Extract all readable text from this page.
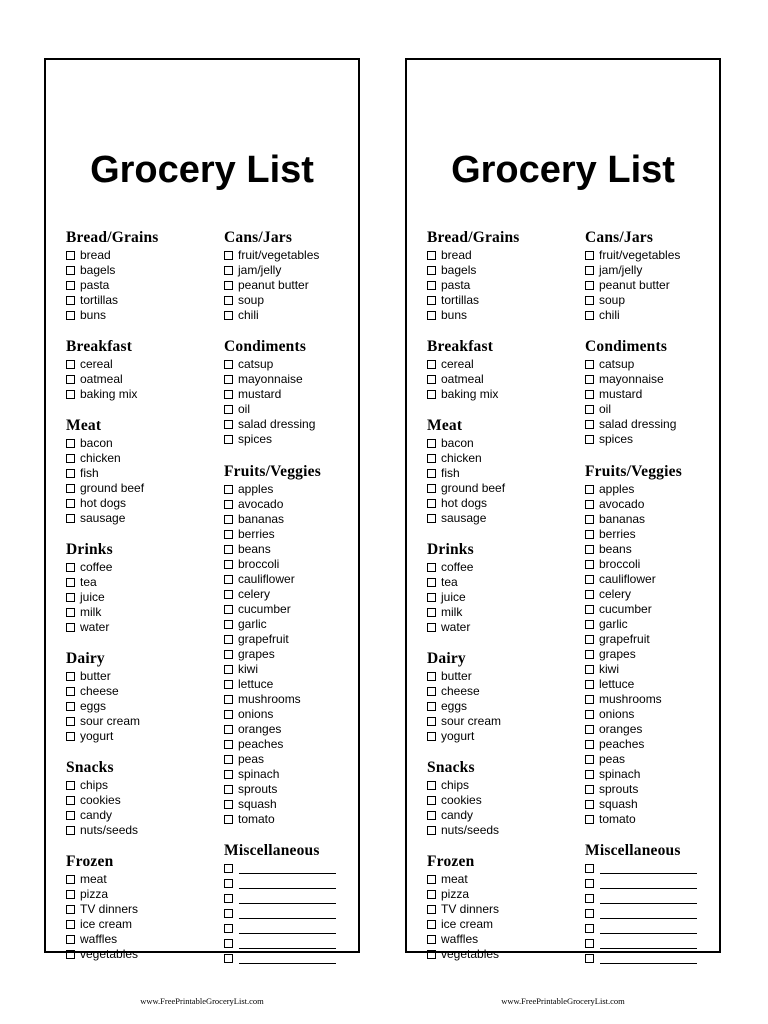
Grocery List
Bread/Grains
bread
bagels
pasta
tortillas
buns
Breakfast
cereal
oatmeal
baking mix
Meat
bacon
chicken
fish
ground beef
hot dogs
sausage
Drinks
coffee
tea
juice
milk
water
Dairy
butter
cheese
eggs
sour cream
yogurt
Snacks
chips
cookies
candy
nuts/seeds
Frozen
meat
pizza
TV dinners
ice cream
waffles
vegetables
Cans/Jars
fruit/vegetables
jam/jelly
peanut butter
soup
chili
Condiments
catsup
mayonnaise
mustard
oil
salad dressing
spices
Fruits/Veggies
apples
avocado
bananas
berries
beans
broccoli
cauliflower
celery
cucumber
garlic
grapefruit
grapes
kiwi
lettuce
mushrooms
onions
oranges
peaches
peas
spinach
sprouts
squash
tomato
Miscellaneous
www.FreePrintableGroceryList.com
Grocery List
Bread/Grains
bread
bagels
pasta
tortillas
buns
Breakfast
cereal
oatmeal
baking mix
Meat
bacon
chicken
fish
ground beef
hot dogs
sausage
Drinks
coffee
tea
juice
milk
water
Dairy
butter
cheese
eggs
sour cream
yogurt
Snacks
chips
cookies
candy
nuts/seeds
Frozen
meat
pizza
TV dinners
ice cream
waffles
vegetables
Cans/Jars
fruit/vegetables
jam/jelly
peanut butter
soup
chili
Condiments
catsup
mayonnaise
mustard
oil
salad dressing
spices
Fruits/Veggies
apples
avocado
bananas
berries
beans
broccoli
cauliflower
celery
cucumber
garlic
grapefruit
grapes
kiwi
lettuce
mushrooms
onions
oranges
peaches
peas
spinach
sprouts
squash
tomato
Miscellaneous
www.FreePrintableGroceryList.com
